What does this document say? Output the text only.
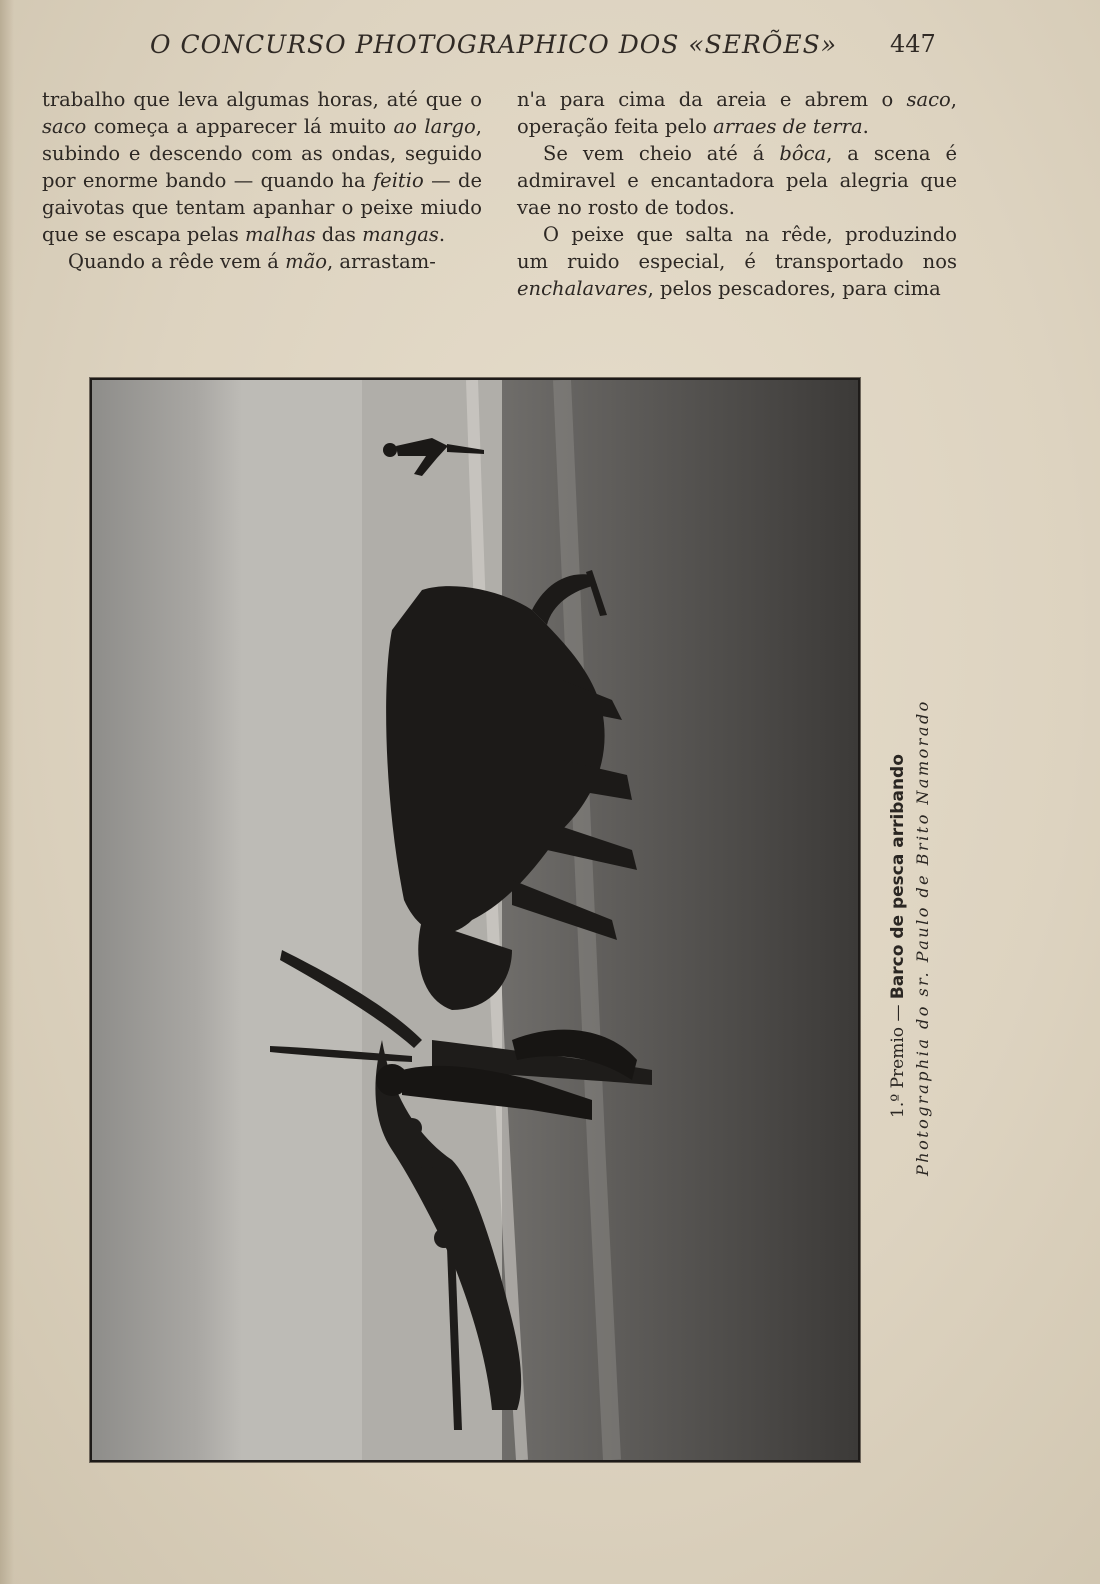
O CONCURSO PHOTOGRAPHICO DOS «SERÕES»	447

trabalho que leva algumas horas, até que o saco começa a apparecer lá muito ao largo, subindo e descendo com as ondas, seguido por enorme bando — quando ha feitio — de gaivotas que tentam apanhar o peixe miudo que se escapa pelas malhas das mangas.

Quando a rêde vem á mão, arrastam-

n'a para cima da areia e abrem o saco, operação feita pelo arraes de terra.

Se vem cheio até á bôca, a scena é admiravel e encantadora pela alegria que vae no rosto de todos.

O peixe que salta na rêde, produzindo um ruido especial, é transportado nos enchalavares, pelos pescadores, para cima

1.º Premio — Barco de pesca arribando Photographia do sr. Paulo de Brito Namorado
